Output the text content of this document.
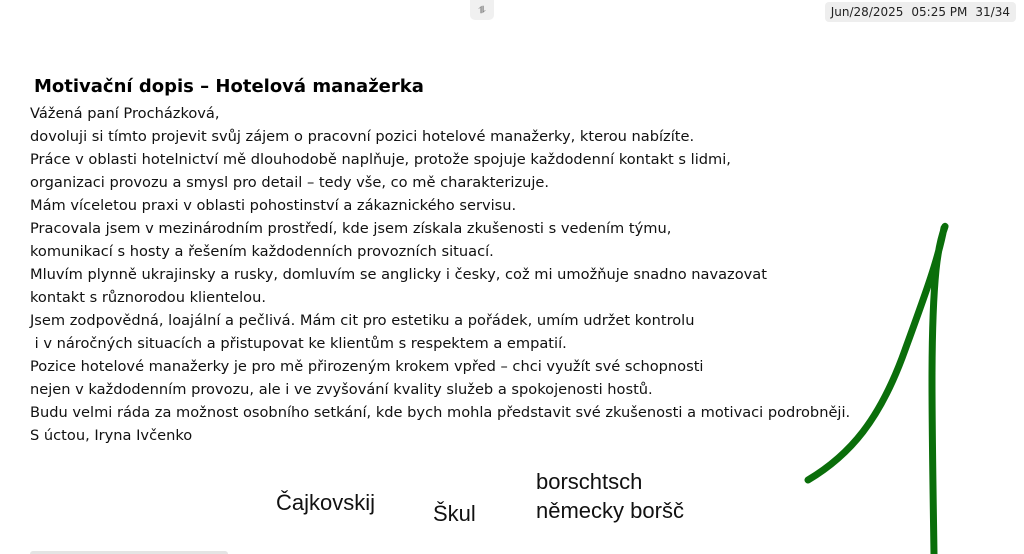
⥮	Jun/28/2025 05:25 PM 31/34
Motivační dopis – Hotelová manažerka
Vážená paní Procházková,
dovoluji si tímto projevit svůj zájem o pracovní pozici hotelové manažerky, kterou nabízíte.
Práce v oblasti hotelnictví mě dlouhodobě naplňuje, protože spojuje každodenní kontakt s lidmi,
organizaci provozu a smysl pro detail – tedy vše, co mě charakterizuje.
Mám víceletou praxi v oblasti pohostinství a zákaznického servisu.
Pracovala jsem v mezinárodním prostředí, kde jsem získala zkušenosti s vedením týmu,
komunikací s hosty a řešením každodenních provozních situací.
Mluvím plynně ukrajinsky a rusky, domluvím se anglicky i česky, což mi umožňuje snadno navazovat
kontakt s různorodou klientelou.
Jsem zodpovědná, loajální a pečlivá. Mám cit pro estetiku a pořádek, umím udržet kontrolu
i v náročných situacích a přistupovat ke klientům s respektem a empatií.
Pozice hotelové manažerky je pro mě přirozeným krokem vpřed – chci využít své schopnosti
nejen v každodenním provozu, ale i ve zvyšování kvality služeb a spokojenosti hostů.
Budu velmi ráda za možnost osobního setkání, kde bych mohla představit své zkušenosti a motivaci podrobněji.
S úctou, Iryna Ivčenko
Čajkovskij	Škul
borschtsch
německy boršč
